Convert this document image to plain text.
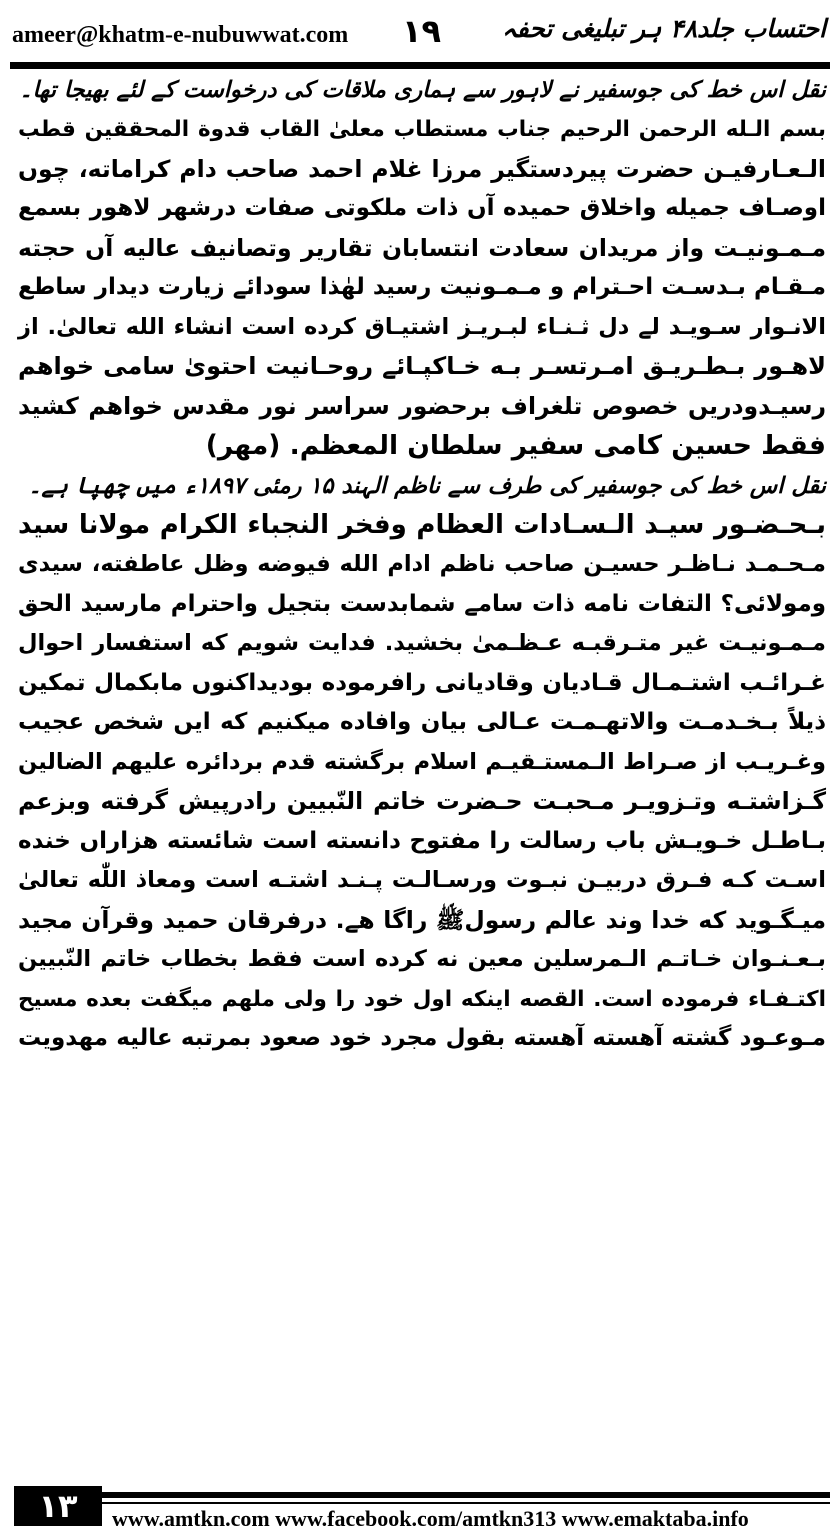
ameer@khatm-e-nubuwwat.com ۱۹ احتساب جلد۴۸ ہر تبلیغی تحفہ
نقل اس خط کی جوسفیر نے لاہور سے ہماری ملاقات کی درخواست کے لئے بھیجا تھا۔
بسم الـله الرحمن الرحيم جناب مستطاب معلیٰ القاب قدوة المحققين قطب
الـعـارفيـن حضرت پيردستگير مرزا غلام احمد صاحب دام كراماته، چوں
اوصـاف جميله واخلاق حميده آں ذات ملكوتی صفات درشهر لاهور بسمع
مـمـونيـت واز مريدان سعادت انتسابان تقارير وتصانيف عاليه آں حجته
مـقـام بـدسـت احـترام و مـمـونيت رسيد لهٰذا سودائے زيارت ديدار ساطع
الانـوار سـويـد لے دل ثـنـاء لبـريـز اشتيـاق كرده است انشاء الله تعالیٰ. از
لاهـور بـطـريـق امـرتسـر بـه خـاكپـائے روحـانيت احتویٰ سامی خواهم
رسيـدودريں خصوص تلغراف برحضور سراسر نور مقدس خواهم كشيد
فقط حسين كامی سفير سلطان المعظم. (مهر)
نقل اس خط کی جوسفیر کی طرف سے ناظم الہند ۱۵ رمئی ۱۸۹۷ء میں چھپا ہے۔
بـحـضـور سيـد الـسـادات العظام وفخر النجباء الكرام مولانا سيد
مـحـمـد نـاظـر حسيـن صاحب ناظم ادام الله فيوضه وظل عاطفته، سيدی
ومولائی؟ التفات نامه ذات سامے شمابدست بتجيل واحترام مارسيد الحق
مـمـونيـت غير متـرقبـه عـظـمیٰ بخشيد. فدايت شويم كه استفسار احوال
غـرائـب اشتـمـال قـاديان وقاديانی رافرموده بوديداكنوں مابكمال تمكين
ذيلاً بـخـدمـت والاتهـمـت عـالی بيان وافاده ميكنيم كه ايں شخص عجيب
وغـريـب از صـراط الـمستـقيـم اسلام برگشته قدم بردائره عليهم الضالين
گـزاشتـه وتـزويـر مـحبـت حـضرت خاتم النّبيين رادرپيش گرفته وبزعم
بـاطـل خـويـش باب رسالت را مفتوح دانسته است شائسته هزاراں خنده
اسـت كـه فـرق دربيـن نبـوت ورسـالـت پـنـد اشتـه است ومعاذ اللّٰه تعالیٰ
ميـگـويد كه خدا وند عالم رسولﷺ راگا هے. درفرقان حميد وقرآن مجيد
بـعـنـوان خـاتـم الـمرسلين معين نه كرده است فقط بخطاب خاتم النّبيين
اكتـفـاء فرموده است. القصه اينكه اول خود را ولی ملهم ميگفت بعده مسيح
مـوعـود گشته آهسته آهسته بقول مجرد خود صعود بمرتبه عاليه مهدويت
۱۳	www.amtkn.com www.facebook.com/amtkn313 www.emaktaba.info
